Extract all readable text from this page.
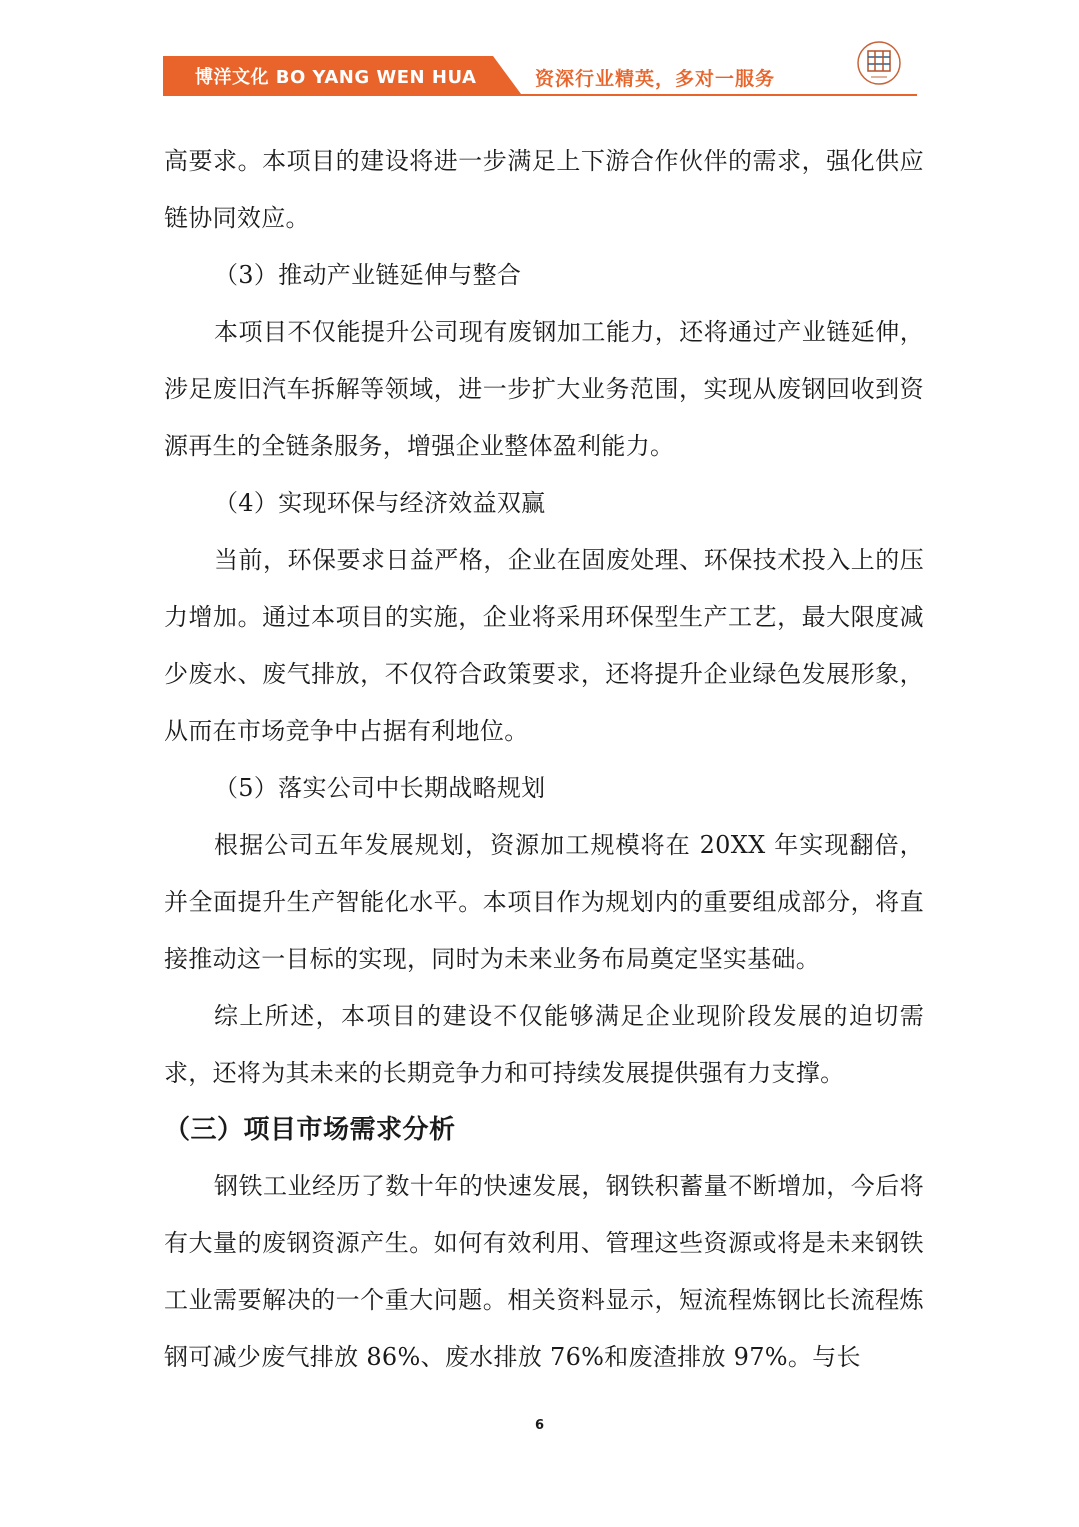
博洋文化 BO YANG WEN HUA	资深行业精英，多对一服务

高要求。本项目的建设将进一步满足上下游合作伙伴的需求，强化供应链协同效应。

（3）推动产业链延伸与整合

本项目不仅能提升公司现有废钢加工能力，还将通过产业链延伸，涉足废旧汽车拆解等领域，进一步扩大业务范围，实现从废钢回收到资源再生的全链条服务，增强企业整体盈利能力。

（4）实现环保与经济效益双赢

当前，环保要求日益严格，企业在固废处理、环保技术投入上的压力增加。通过本项目的实施，企业将采用环保型生产工艺，最大限度减少废水、废气排放，不仅符合政策要求，还将提升企业绿色发展形象，从而在市场竞争中占据有利地位。

（5）落实公司中长期战略规划

根据公司五年发展规划，资源加工规模将在 20XX 年实现翻倍，并全面提升生产智能化水平。本项目作为规划内的重要组成部分，将直接推动这一目标的实现，同时为未来业务布局奠定坚实基础。

综上所述，本项目的建设不仅能够满足企业现阶段发展的迫切需求，还将为其未来的长期竞争力和可持续发展提供强有力支撑。

（三）项目市场需求分析

钢铁工业经历了数十年的快速发展，钢铁积蓄量不断增加，今后将有大量的废钢资源产生。如何有效利用、管理这些资源或将是未来钢铁工业需要解决的一个重大问题。相关资料显示，短流程炼钢比长流程炼钢可减少废气排放 86%、废水排放 76%和废渣排放 97%。与长

6
